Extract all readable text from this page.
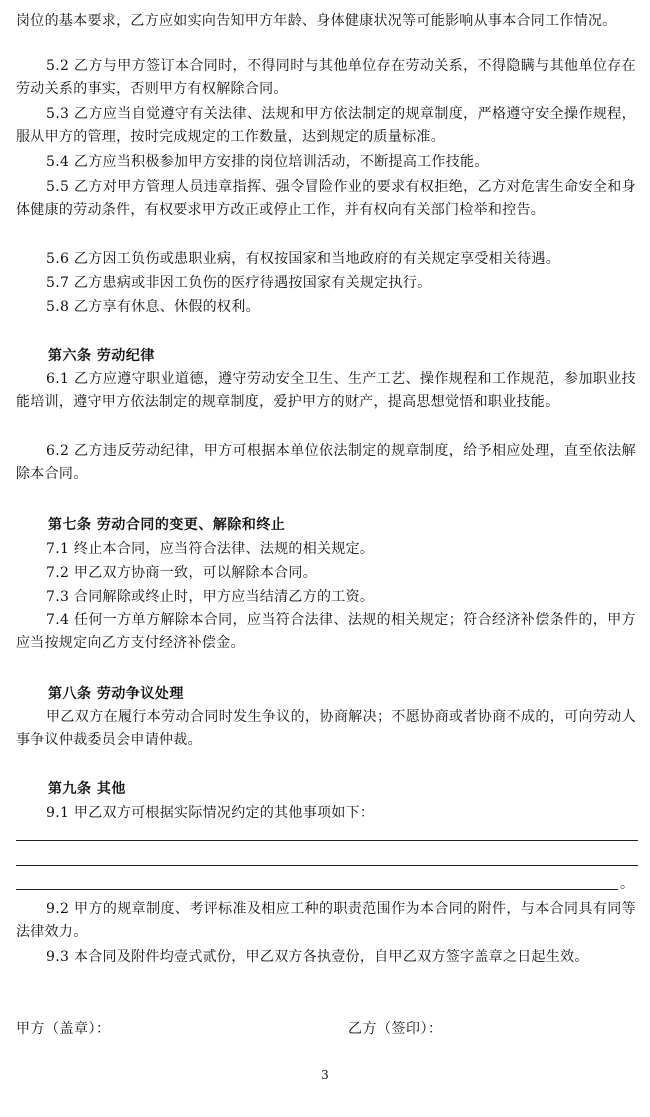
岗位的基本要求，乙方应如实向告知甲方年龄、身体健康状况等可能影响从事本合同工作情况。

5.2 乙方与甲方签订本合同时，不得同时与其他单位存在劳动关系，不得隐瞒与其他单位存在劳动关系的事实，否则甲方有权解除合同。

5.3 乙方应当自觉遵守有关法律、法规和甲方依法制定的规章制度，严格遵守安全操作规程，服从甲方的管理，按时完成规定的工作数量，达到规定的质量标准。

5.4 乙方应当积极参加甲方安排的岗位培训活动，不断提高工作技能。

5.5 乙方对甲方管理人员违章指挥、强令冒险作业的要求有权拒绝，乙方对危害生命安全和身体健康的劳动条件，有权要求甲方改正或停止工作，并有权向有关部门检举和控告。

5.6 乙方因工负伤或患职业病，有权按国家和当地政府的有关规定享受相关待遇。

5.7 乙方患病或非因工负伤的医疗待遇按国家有关规定执行。

5.8 乙方享有休息、休假的权利。

第六条 劳动纪律

6.1 乙方应遵守职业道德，遵守劳动安全卫生、生产工艺、操作规程和工作规范，参加职业技能培训，遵守甲方依法制定的规章制度，爱护甲方的财产，提高思想觉悟和职业技能。

6.2 乙方违反劳动纪律，甲方可根据本单位依法制定的规章制度，给予相应处理，直至依法解除本合同。

第七条 劳动合同的变更、解除和终止

7.1 终止本合同，应当符合法律、法规的相关规定。

7.2 甲乙双方协商一致，可以解除本合同。

7.3 合同解除或终止时，甲方应当结清乙方的工资。

7.4 任何一方单方解除本合同，应当符合法律、法规的相关规定；符合经济补偿条件的，甲方应当按规定向乙方支付经济补偿金。

第八条 劳动争议处理

甲乙双方在履行本劳动合同时发生争议的，协商解决；不愿协商或者协商不成的，可向劳动人事争议仲裁委员会申请仲裁。

第九条 其他

9.1 甲乙双方可根据实际情况约定的其他事项如下：

。

9.2 甲方的规章制度、考评标准及相应工种的职责范围作为本合同的附件，与本合同具有同等法律效力。

9.3 本合同及附件均壹式贰份，甲乙双方各执壹份，自甲乙双方签字盖章之日起生效。

甲方（盖章）：	乙方（签印）：

3
